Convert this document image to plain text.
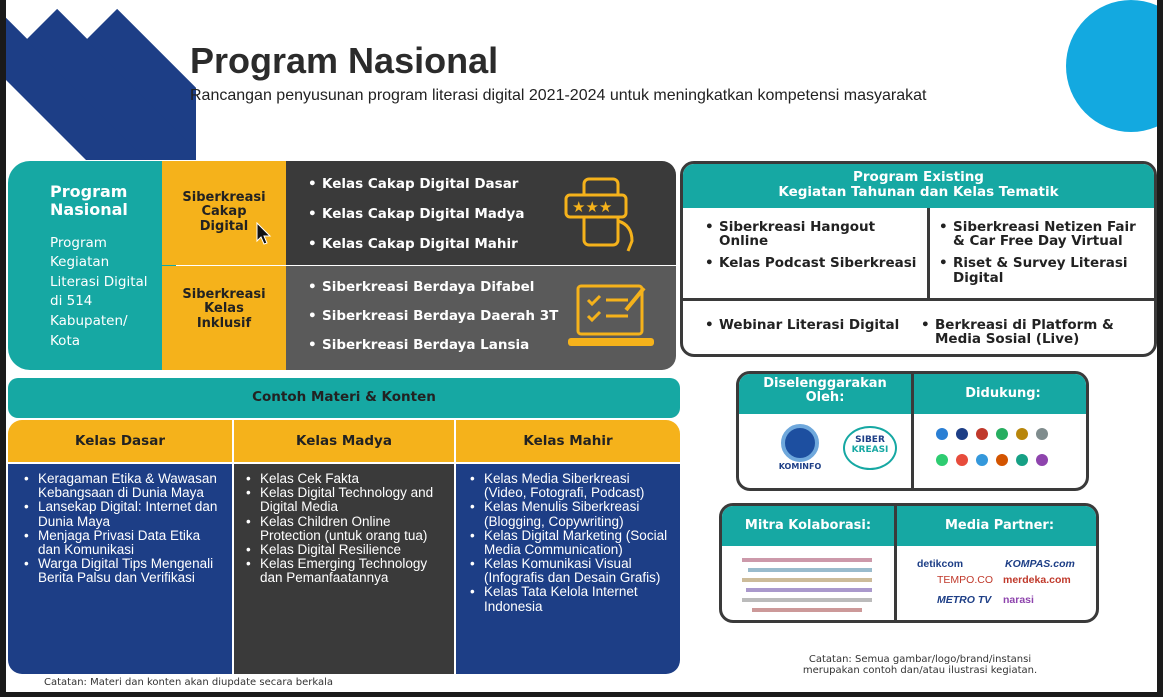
Program Nasional
Rancangan penyusunan program literasi digital 2021-2024 untuk meningkatkan kompetensi masyarakat
Program Nasional
Program Kegiatan Literasi Digital di 514 Kabupaten/ Kota
Siberkreasi Cakap Digital
Siberkreasi Kelas Inklusif
• Kelas Cakap Digital Dasar
• Kelas Cakap Digital Madya
• Kelas Cakap Digital Mahir
★★★
• Siberkreasi Berdaya Difabel
• Siberkreasi Berdaya Daerah 3T
• Siberkreasi Berdaya Lansia
Program Existing
Kegiatan Tahunan dan Kelas Tematik
• Siberkreasi Hangout Online
• Kelas Podcast Siberkreasi
• Siberkreasi Netizen Fair & Car Free Day Virtual
• Riset & Survey Literasi Digital
• Webinar Literasi Digital
•	Berkreasi di Platform & Media Sosial (Live)
Contoh Materi & Konten
Kelas Dasar	Kelas Madya	Kelas Mahir
• Keragaman Etika & Wawasan Kebangsaan di Dunia Maya
• Lansekap Digital: Internet dan Dunia Maya
• Menjaga Privasi Data Etika dan Komunikasi
• Warga Digital Tips Mengenali Berita Palsu dan Verifikasi
• Kelas Cek Fakta
• Kelas Digital Technology and Digital Media
• Kelas Children Online Protection (untuk orang tua)
• Kelas Digital Resilience
• Kelas Emerging Technology dan Pemanfaatannya
• Kelas Media Siberkreasi (Video, Fotografi, Podcast)
• Kelas Menulis Siberkreasi (Blogging, Copywriting)
• Kelas Digital Marketing (Social Media Communication)
• Kelas Komunikasi Visual (Infografis dan Desain Grafis)
• Kelas Tata Kelola Internet Indonesia
Catatan: Materi dan konten akan diupdate secara berkala
Diselenggarakan Oleh:	Didukung:
KOMINFO
SIBER
KREASI
Mitra Kolaborasi:	Media Partner:
detikcom	KOMPAS.com
TEMPO.CO merdeka.com
METRO TV narasi
Catatan: Semua gambar/logo/brand/instansi merupakan contoh dan/atau ilustrasi kegiatan.
